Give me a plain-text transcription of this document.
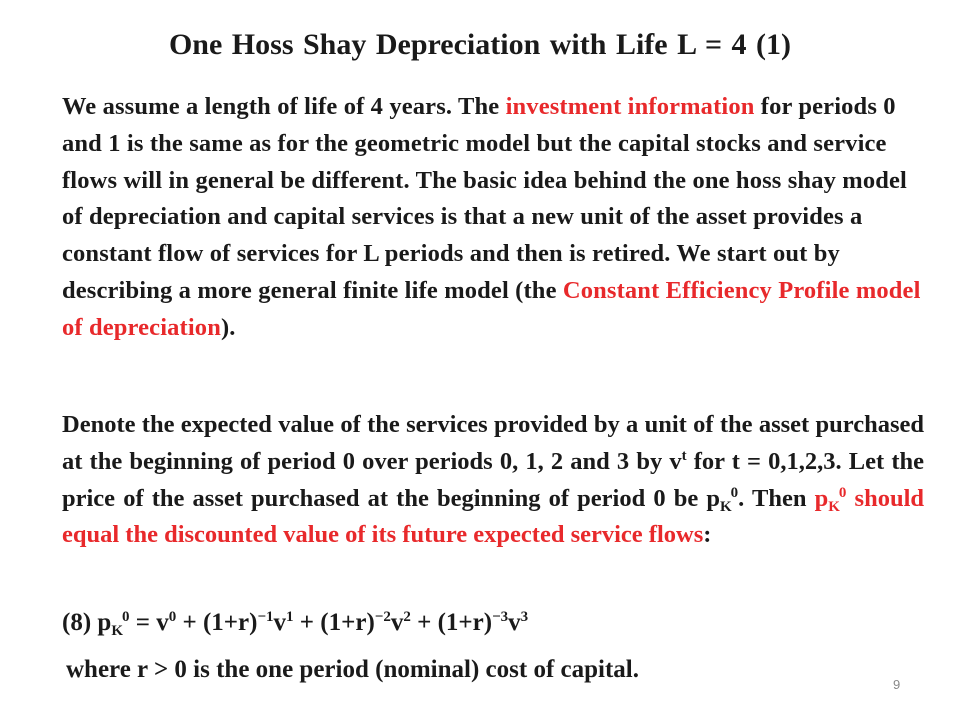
One Hoss Shay Depreciation with Life L = 4 (1)
We assume a length of life of 4 years. The investment information for periods 0 and 1 is the same as for the geometric model but the capital stocks and service flows will in general be different. The basic idea behind the one hoss shay model of depreciation and capital services is that a new unit of the asset provides a constant flow of services for L periods and then is retired. We start out by describing a more general finite life model (the Constant Efficiency Profile model of depreciation).
Denote the expected value of the services provided by a unit of the asset purchased at the beginning of period 0 over periods 0, 1, 2 and 3 by $v^t$ for t = 0,1,2,3. Let the price of the asset purchased at the beginning of period 0 be $p_K^0$. Then $p_K^0$ should equal the discounted value of its future expected service flows:
(8) $p_K^0 = v^0 + (1+r)^{-1}v^1 + (1+r)^{-2}v^2 + (1+r)^{-3}v^3$
where r > 0 is the one period (nominal) cost of capital.
9
